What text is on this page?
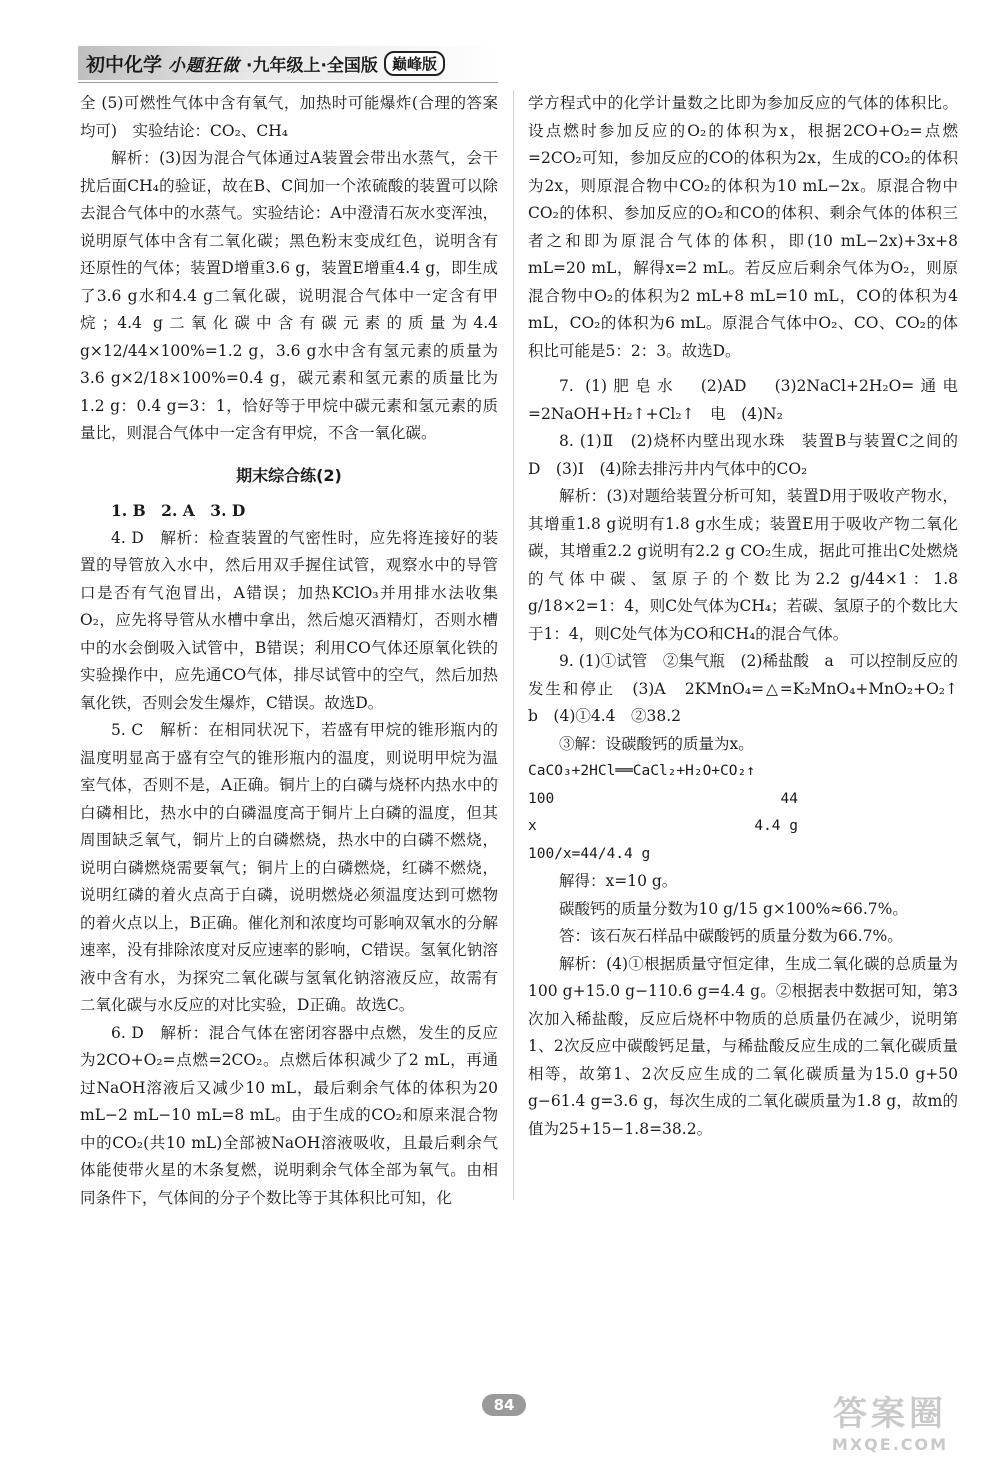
初中化学 小题狂做 ·九年级上·全国版 巅峰版

全 (5)可燃性气体中含有氧气，加热时可能爆炸(合理的答案均可)　实验结论：CO₂、CH₄

解析：(3)因为混合气体通过A装置会带出水蒸气，会干扰后面CH₄的验证，故在B、C间加一个浓硫酸的装置可以除去混合气体中的水蒸气。实验结论：A中澄清石灰水变浑浊，说明原气体中含有二氧化碳；黑色粉末变成红色，说明含有还原性的气体；装置D增重3.6 g，装置E增重4.4 g，即生成了3.6 g水和4.4 g二氧化碳，说明混合气体中一定含有甲烷；4.4 g二氧化碳中含有碳元素的质量为4.4 g×12/44×100%=1.2 g，3.6 g水中含有氢元素的质量为3.6 g×2/18×100%=0.4 g，碳元素和氢元素的质量比为1.2 g：0.4 g=3：1，恰好等于甲烷中碳元素和氢元素的质量比，则混合气体中一定含有甲烷，不含一氧化碳。

期末综合练(2)

1. B　2. A　3. D

4. D　解析：检查装置的气密性时，应先将连接好的装置的导管放入水中，然后用双手握住试管，观察水中的导管口是否有气泡冒出，A错误；加热KClO₃并用排水法收集O₂，应先将导管从水槽中拿出，然后熄灭酒精灯，否则水槽中的水会倒吸入试管中，B错误；利用CO气体还原氧化铁的实验操作中，应先通CO气体，排尽试管中的空气，然后加热氧化铁，否则会发生爆炸，C错误。故选D。

5. C　解析：在相同状况下，若盛有甲烷的锥形瓶内的温度明显高于盛有空气的锥形瓶内的温度，则说明甲烷为温室气体，否则不是，A正确。铜片上的白磷与烧杯内热水中的白磷相比，热水中的白磷温度高于铜片上白磷的温度，但其周围缺乏氧气，铜片上的白磷燃烧，热水中的白磷不燃烧，说明白磷燃烧需要氧气；铜片上的白磷燃烧，红磷不燃烧，说明红磷的着火点高于白磷，说明燃烧必须温度达到可燃物的着火点以上，B正确。催化剂和浓度均可影响双氧水的分解速率，没有排除浓度对反应速率的影响，C错误。氢氧化钠溶液中含有水，为探究二氧化碳与氢氧化钠溶液反应，故需有二氧化碳与水反应的对比实验，D正确。故选C。

6. D　解析：混合气体在密闭容器中点燃，发生的反应为2CO+O₂=点燃=2CO₂。点燃后体积减少了2 mL，再通过NaOH溶液后又减少10 mL，最后剩余气体的体积为20 mL−2 mL−10 mL=8 mL。由于生成的CO₂和原来混合物中的CO₂(共10 mL)全部被NaOH溶液吸收，且最后剩余气体能使带火星的木条复燃，说明剩余气体全部为氧气。由相同条件下，气体间的分子个数比等于其体积比可知，化

学方程式中的化学计量数之比即为参加反应的气体的体积比。设点燃时参加反应的O₂的体积为x，根据2CO+O₂=点燃=2CO₂可知，参加反应的CO的体积为2x，生成的CO₂的体积为2x，则原混合物中CO₂的体积为10 mL−2x。原混合物中CO₂的体积、参加反应的O₂和CO的体积、剩余气体的体积三者之和即为原混合气体的体积，即(10 mL−2x)+3x+8 mL=20 mL，解得x=2 mL。若反应后剩余气体为O₂，则原混合物中O₂的体积为2 mL+8 mL=10 mL，CO的体积为4 mL，CO₂的体积为6 mL。原混合气体中O₂、CO、CO₂的体积比可能是5：2：3。故选D。

7. (1)肥皂水　(2)AD　(3)2NaCl+2H₂O=通电=2NaOH+H₂↑+Cl₂↑　电　(4)N₂

8. (1)Ⅱ　(2)烧杯内壁出现水珠　装置B与装置C之间的　D　(3)Ⅰ　(4)除去排污井内气体中的CO₂

解析：(3)对题给装置分析可知，装置D用于吸收产物水，其增重1.8 g说明有1.8 g水生成；装置E用于吸收产物二氧化碳，其增重2.2 g说明有2.2 g CO₂生成，据此可推出C处燃烧的气体中碳、氢原子的个数比为2.2 g/44×1：1.8 g/18×2=1：4，则C处气体为CH₄；若碳、氢原子的个数比大于1：4，则C处气体为CO和CH₄的混合气体。

9. (1)①试管　②集气瓶　(2)稀盐酸　a　可以控制反应的发生和停止　(3)A　2KMnO₄=△=K₂MnO₄+MnO₂+O₂↑　b　(4)①4.4　②38.2

③解：设碳酸钙的质量为x。

CaCO₃+2HCl══CaCl₂+H₂O+CO₂↑

100	44
x	4.4 g

100/x=44/4.4 g

解得：x=10 g。

碳酸钙的质量分数为10 g/15 g×100%≈66.7%。

答：该石灰石样品中碳酸钙的质量分数为66.7%。

解析：(4)①根据质量守恒定律，生成二氧化碳的总质量为100 g+15.0 g−110.6 g=4.4 g。②根据表中数据可知，第3次加入稀盐酸，反应后烧杯中物质的总质量仍在减少，说明第1、2次反应中碳酸钙足量，与稀盐酸反应生成的二氧化碳质量相等，故第1、2次反应生成的二氧化碳质量为15.0 g+50 g−61.4 g=3.6 g，每次生成的二氧化碳质量为1.8 g，故m的值为25+15−1.8=38.2。

84	答案圈
MXQE.COM
